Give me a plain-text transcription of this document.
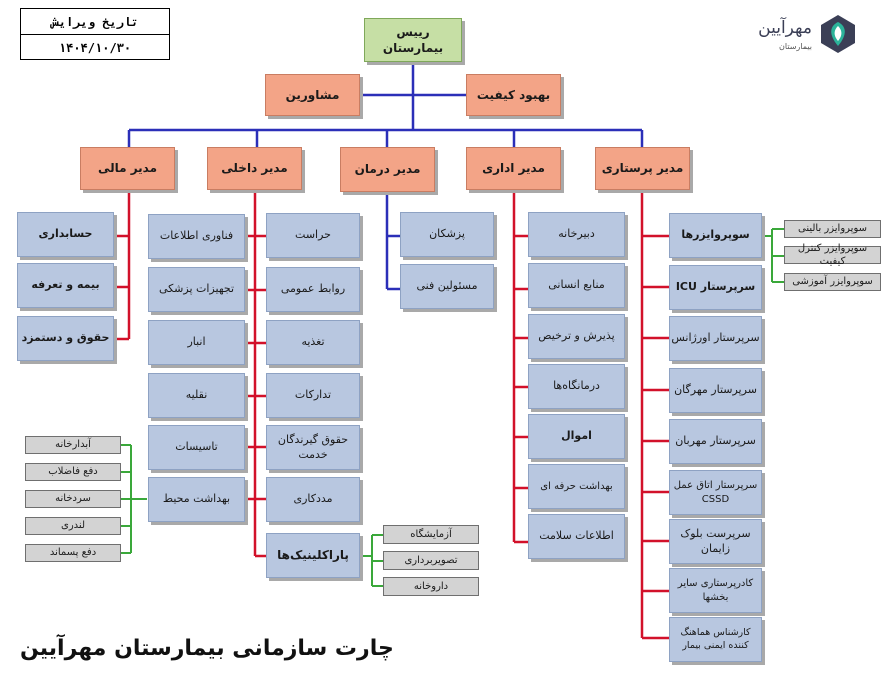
تاریخ ویرایش
۱۴۰۴/۱۰/۳۰
مهرآیین
بیمارستان
رییس بیمارستان
مشاورین	بهبود کیفیت
مدیر پرستاری
مدیر اداری
مدیر درمان
مدیر داخلی
مدیر مالی
حسابداری
بیمه و تعرفه
حقوق و دستمزد
فناوری اطلاعات
تجهیزات پزشکی
انبار
نقلیه
تاسیسات
بهداشت محیط
حراست
روابط عمومی
تغذیه
تدارکات
حقوق گیرندگان خدمت
مددکاری
پاراکلینیک‌ها
آبدارخانه
دفع فاضلاب
سردخانه
لندری
دفع پسماند
آزمایشگاه
تصویربرداری
داروخانه
پزشکان
مسئولین فنی
دبیرخانه
منابع انسانی
پذیرش و ترخیص
درمانگاه‌ها
اموال
بهداشت حرفه ای
اطلاعات سلامت
سوپروایزرها
سرپرستار ICU
سرپرستار اورژانس
سرپرستار مهرگان
سرپرستار مهربان
سرپرستار اتاق عمل CSSD
سرپرست بلوک زایمان
کادرپرستاری سایر بخشها
کارشناس هماهنگ کننده ایمنی بیمار
سوپروایزر بالینی
سوپروایزر کنترل کیفیت
سوپروایزر آموزشی
چارت سازمانی بیمارستان مهرآیین
